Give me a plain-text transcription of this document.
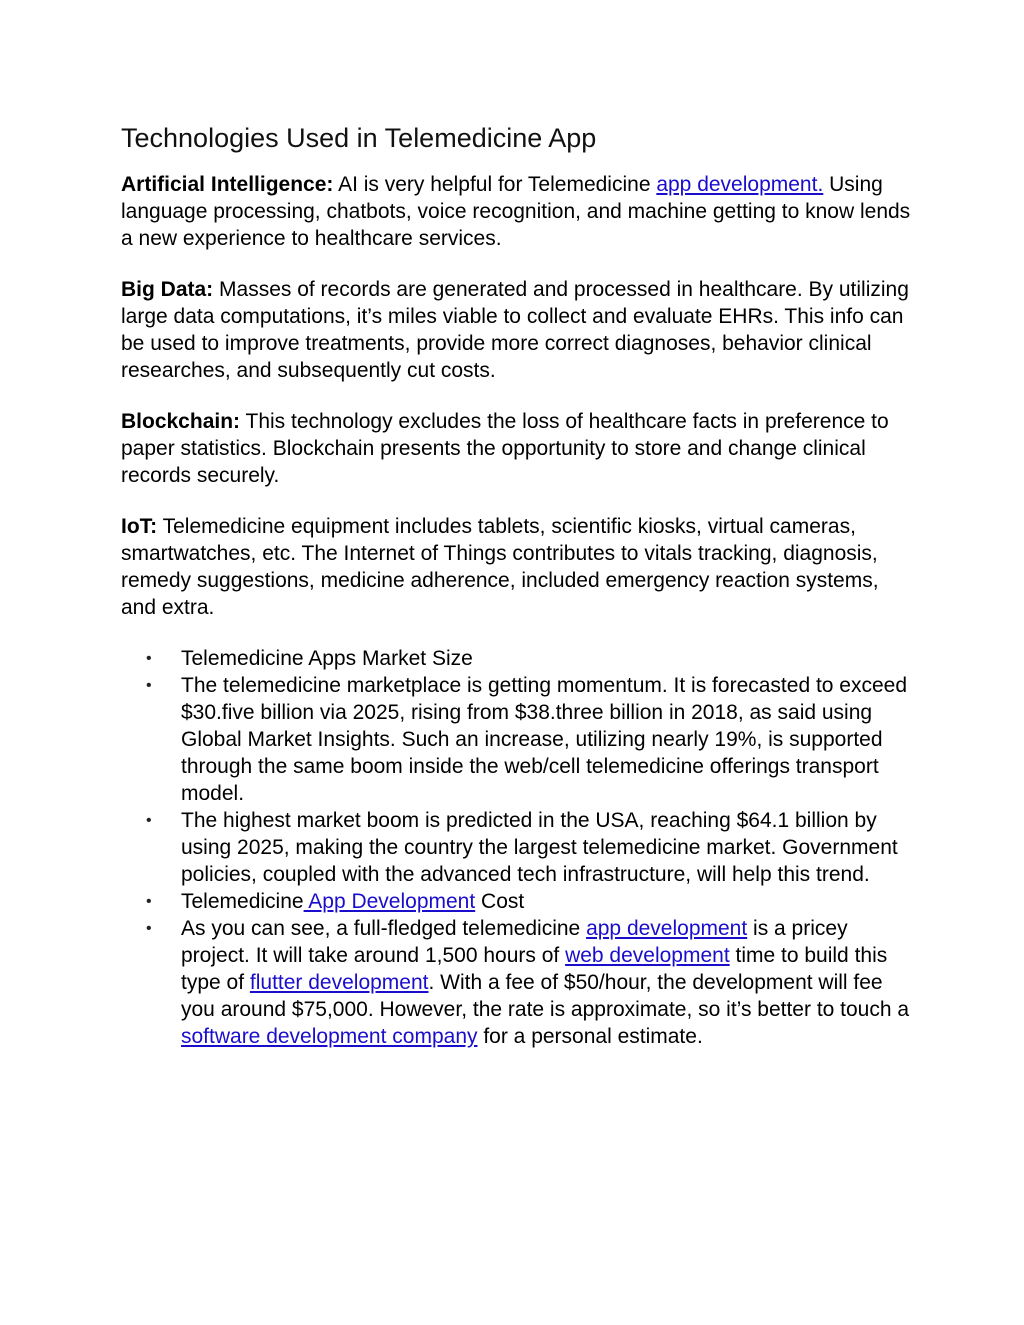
Technologies Used in Telemedicine App

Artificial Intelligence: AI is very helpful for Telemedicine app development. Using language processing, chatbots, voice recognition, and machine getting to know lends a new experience to healthcare services.

Big Data: Masses of records are generated and processed in healthcare. By utilizing large data computations, it’s miles viable to collect and evaluate EHRs. This info can be used to improve treatments, provide more correct diagnoses, behavior clinical researches, and subsequently cut costs.

Blockchain: This technology excludes the loss of healthcare facts in preference to paper statistics. Blockchain presents the opportunity to store and change clinical records securely.

IoT: Telemedicine equipment includes tablets, scientific kiosks, virtual cameras, smartwatches, etc. The Internet of Things contributes to vitals tracking, diagnosis, remedy suggestions, medicine adherence, included emergency reaction systems, and extra.

• Telemedicine Apps Market Size
• The telemedicine marketplace is getting momentum. It is forecasted to exceed $30.five billion via 2025, rising from $38.three billion in 2018, as said using Global Market Insights. Such an increase, utilizing nearly 19%, is supported through the same boom inside the web/cell telemedicine offerings transport model.
• The highest market boom is predicted in the USA, reaching $64.1 billion by using 2025, making the country the largest telemedicine market. Government policies, coupled with the advanced tech infrastructure, will help this trend.
• Telemedicine App Development Cost
• As you can see, a full-fledged telemedicine app development is a pricey project. It will take around 1,500 hours of web development time to build this type of flutter development. With a fee of $50/hour, the development will fee you around $75,000. However, the rate is approximate, so it’s better to touch a software development company for a personal estimate.
